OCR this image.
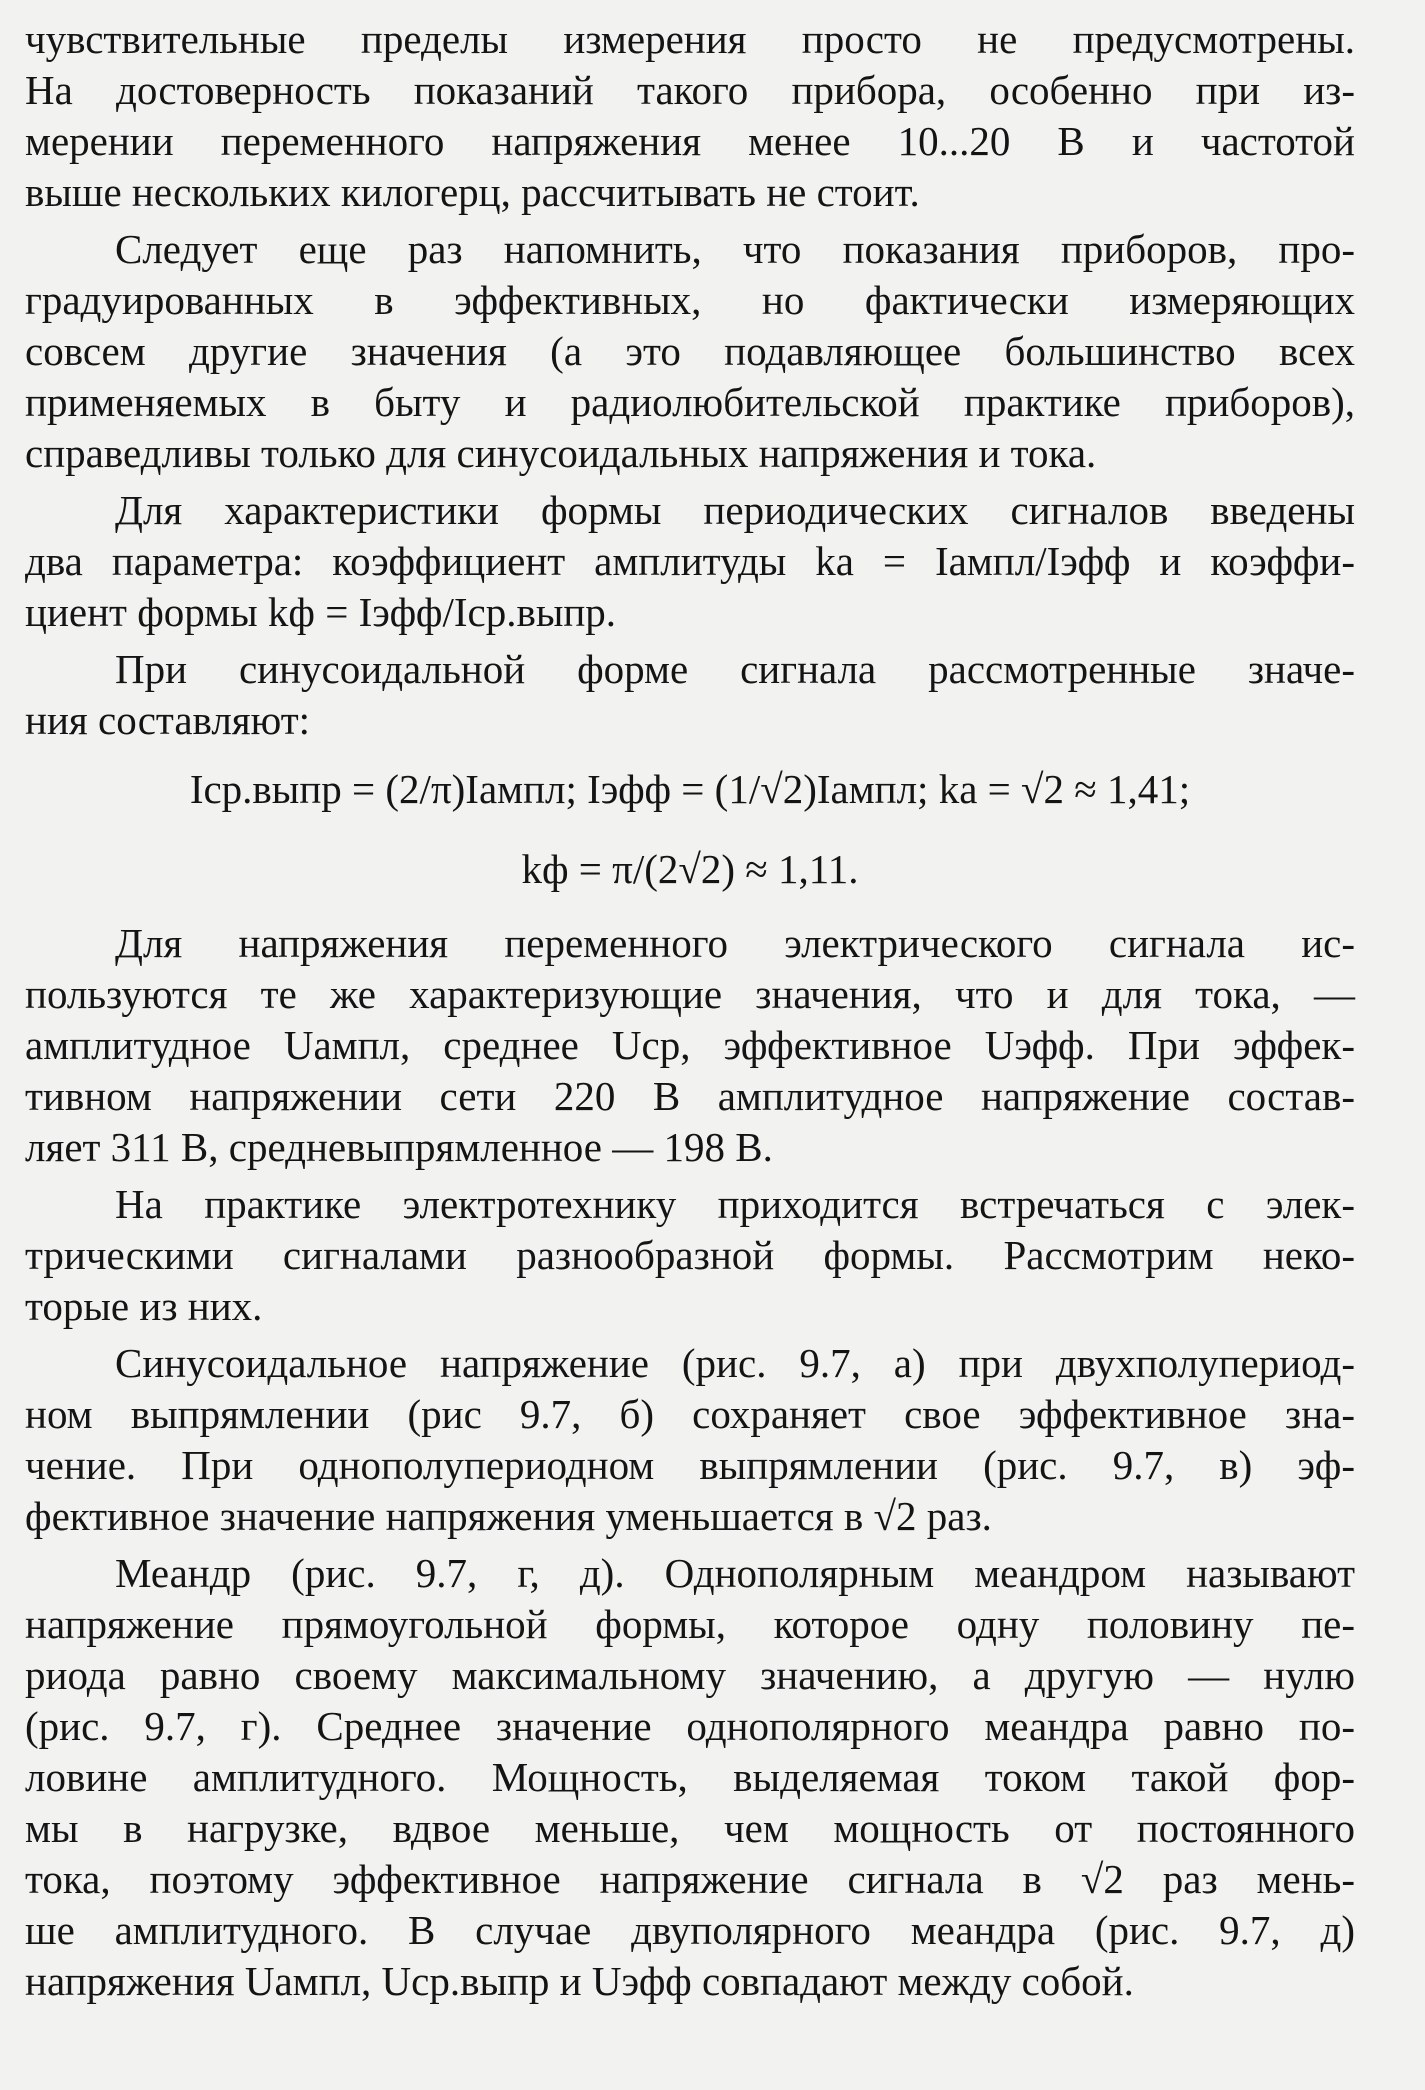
чувствительные пределы измерения просто не предусмотрены.
На достоверность показаний такого прибора, особенно при из-
мерении переменного напряжения менее 10...20 В и частотой
выше нескольких килогерц, рассчитывать не стоит.
Следует еще раз напомнить, что показания приборов, про-
градуированных в эффективных, но фактически измеряющих
совсем другие значения (а это подавляющее большинство всех
применяемых в быту и радиолюбительской практике приборов),
справедливы только для синусоидальных напряжения и тока.
Для характеристики формы периодических сигналов введены
два параметра: коэффициент амплитуды kа = Iампл/Iэфф и коэффи-
циент формы kф = Iэфф/Iср.выпр.
При синусоидальной форме сигнала рассмотренные значе-
ния составляют:
Iср.выпр = (2/π)Iампл; Iэфф = (1/√2)Iампл; kа = √2 ≈ 1,41;
kф = π/(2√2) ≈ 1,11.
Для напряжения переменного электрического сигнала ис-
пользуются те же характеризующие значения, что и для тока, —
амплитудное Uампл, среднее Uср, эффективное Uэфф. При эффек-
тивном напряжении сети 220 В амплитудное напряжение состав-
ляет 311 В, средневыпрямленное — 198 В.
На практике электротехнику приходится встречаться с элек-
трическими сигналами разнообразной формы. Рассмотрим неко-
торые из них.
Синусоидальное напряжение (рис. 9.7, а) при двухполупериод-
ном выпрямлении (рис 9.7, б) сохраняет свое эффективное зна-
чение. При однополупериодном выпрямлении (рис. 9.7, в) эф-
фективное значение напряжения уменьшается в √2 раз.
Меандр (рис. 9.7, г, д). Однополярным меандром называют
напряжение прямоугольной формы, которое одну половину пе-
риода равно своему максимальному значению, а другую — нулю
(рис. 9.7, г). Среднее значение однополярного меандра равно по-
ловине амплитудного. Мощность, выделяемая током такой фор-
мы в нагрузке, вдвое меньше, чем мощность от постоянного
тока, поэтому эффективное напряжение сигнала в √2 раз мень-
ше амплитудного. В случае двуполярного меандра (рис. 9.7, д)
напряжения Uампл, Uср.выпр и Uэфф совпадают между собой.
